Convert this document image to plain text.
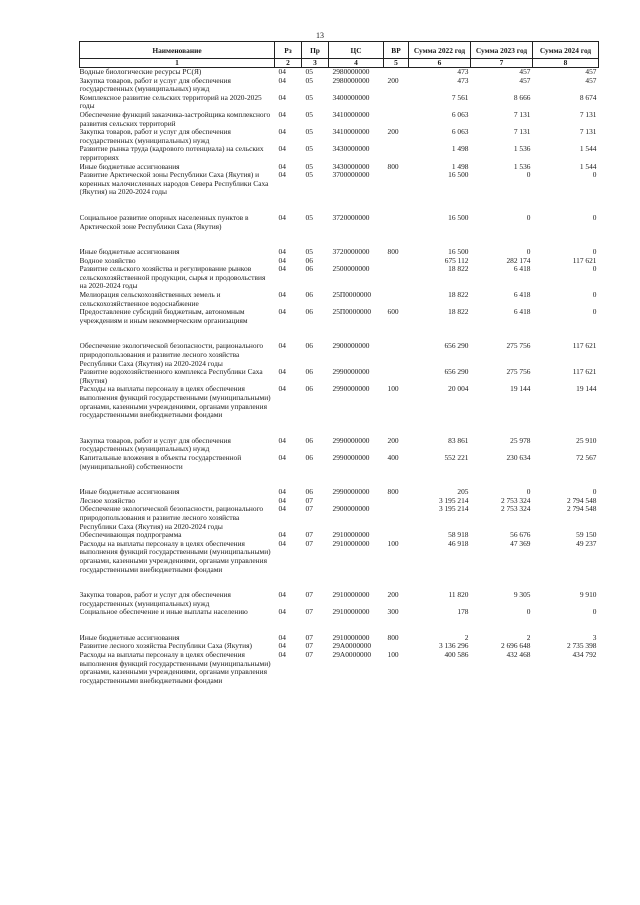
13
Наименование	Рз	Пр	ЦС	ВР	Сумма 2022 год	Сумма 2023 год	Сумма 2024 год
1	2	3	4	5	6	7	8
Водные биологические ресурсы РС(Я)	04	05	2980000000		473	457	457
Закупка товаров, работ и услуг для обеспечения государственных (муниципальных) нужд	04	05	2980000000	200	473	457	457
Комплексное развитие сельских территорий на 2020-2025 годы	04	05	3400000000		7 561	8 666	8 674
Обеспечение функций заказчика-застройщика комплексного развития сельских территорий	04	05	3410000000		6 063	7 131	7 131
Закупка товаров, работ и услуг для обеспечения государственных (муниципальных) нужд	04	05	3410000000	200	6 063	7 131	7 131
Развитие рынка труда (кадрового потенциала) на сельских территориях	04	05	3430000000		1 498	1 536	1 544
Иные бюджетные ассигнования	04	05	3430000000	800	1 498	1 536	1 544
Развитие Арктической зоны Республики Саха (Якутия) и коренных малочисленных народов Севера Республики Саха (Якутия) на 2020-2024 годы	04	05	3700000000		16 500	0	0
Социальное развитие опорных населенных пунктов в Арктической зоне Республики Саха (Якутия)	04	05	3720000000		16 500	0	0
Иные бюджетные ассигнования	04	05	3720000000	800	16 500	0	0
Водное хозяйство	04	06			675 112	282 174	117 621
Развитие сельского хозяйства и регулирование рынков сельскохозяйственной продукции, сырья и продовольствия на 2020-2024 годы	04	06	2500000000		18 822	6 418	0
Мелиорация сельскохозяйственных земель и сельскохозяйственное водоснабжение	04	06	25П0000000		18 822	6 418	0
Предоставление субсидий бюджетным, автономным учреждениям и иным некоммерческим организациям	04	06	25П0000000	600	18 822	6 418	0
Обеспечение экологической безопасности, рационального природопользования и развитие лесного хозяйства Республики Саха (Якутия) на 2020-2024 годы	04	06	2900000000		656 290	275 756	117 621
Развитие водохозяйственного комплекса Республики Саха (Якутия)	04	06	2990000000		656 290	275 756	117 621
Расходы на выплаты персоналу в целях обеспечения выполнения функций государственными (муниципальными) органами, казенными учреждениями, органами управления государственными внебюджетными фондами	04	06	2990000000	100	20 004	19 144	19 144
Закупка товаров, работ и услуг для обеспечения государственных (муниципальных) нужд	04	06	2990000000	200	83 861	25 978	25 910
Капитальные вложения в объекты государственной (муниципальной) собственности	04	06	2990000000	400	552 221	230 634	72 567
Иные бюджетные ассигнования	04	06	2990000000	800	205	0	0
Лесное хозяйство	04	07			3 195 214	2 753 324	2 794 548
Обеспечение экологической безопасности, рационального природопользования и развитие лесного хозяйства Республики Саха (Якутия) на 2020-2024 годы	04	07	2900000000		3 195 214	2 753 324	2 794 548
Обеспечивающая подпрограмма	04	07	2910000000		58 918	56 676	59 150
Расходы на выплаты персоналу в целях обеспечения выполнения функций государственными (муниципальными) органами, казенными учреждениями, органами управления государственными внебюджетными фондами	04	07	2910000000	100	46 918	47 369	49 237
Закупка товаров, работ и услуг для обеспечения государственных (муниципальных) нужд	04	07	2910000000	200	11 820	9 305	9 910
Социальное обеспечение и иные выплаты населению	04	07	2910000000	300	178	0	0
Иные бюджетные ассигнования	04	07	2910000000	800	2	2	3
Развитие лесного хозяйства Республики Саха (Якутия)	04	07	29А0000000		3 136 296	2 696 648	2 735 398
Расходы на выплаты персоналу в целях обеспечения выполнения функций государственными (муниципальными) органами, казенными учреждениями, органами управления государственными внебюджетными фондами	04	07	29А0000000	100	400 586	432 468	434 792
